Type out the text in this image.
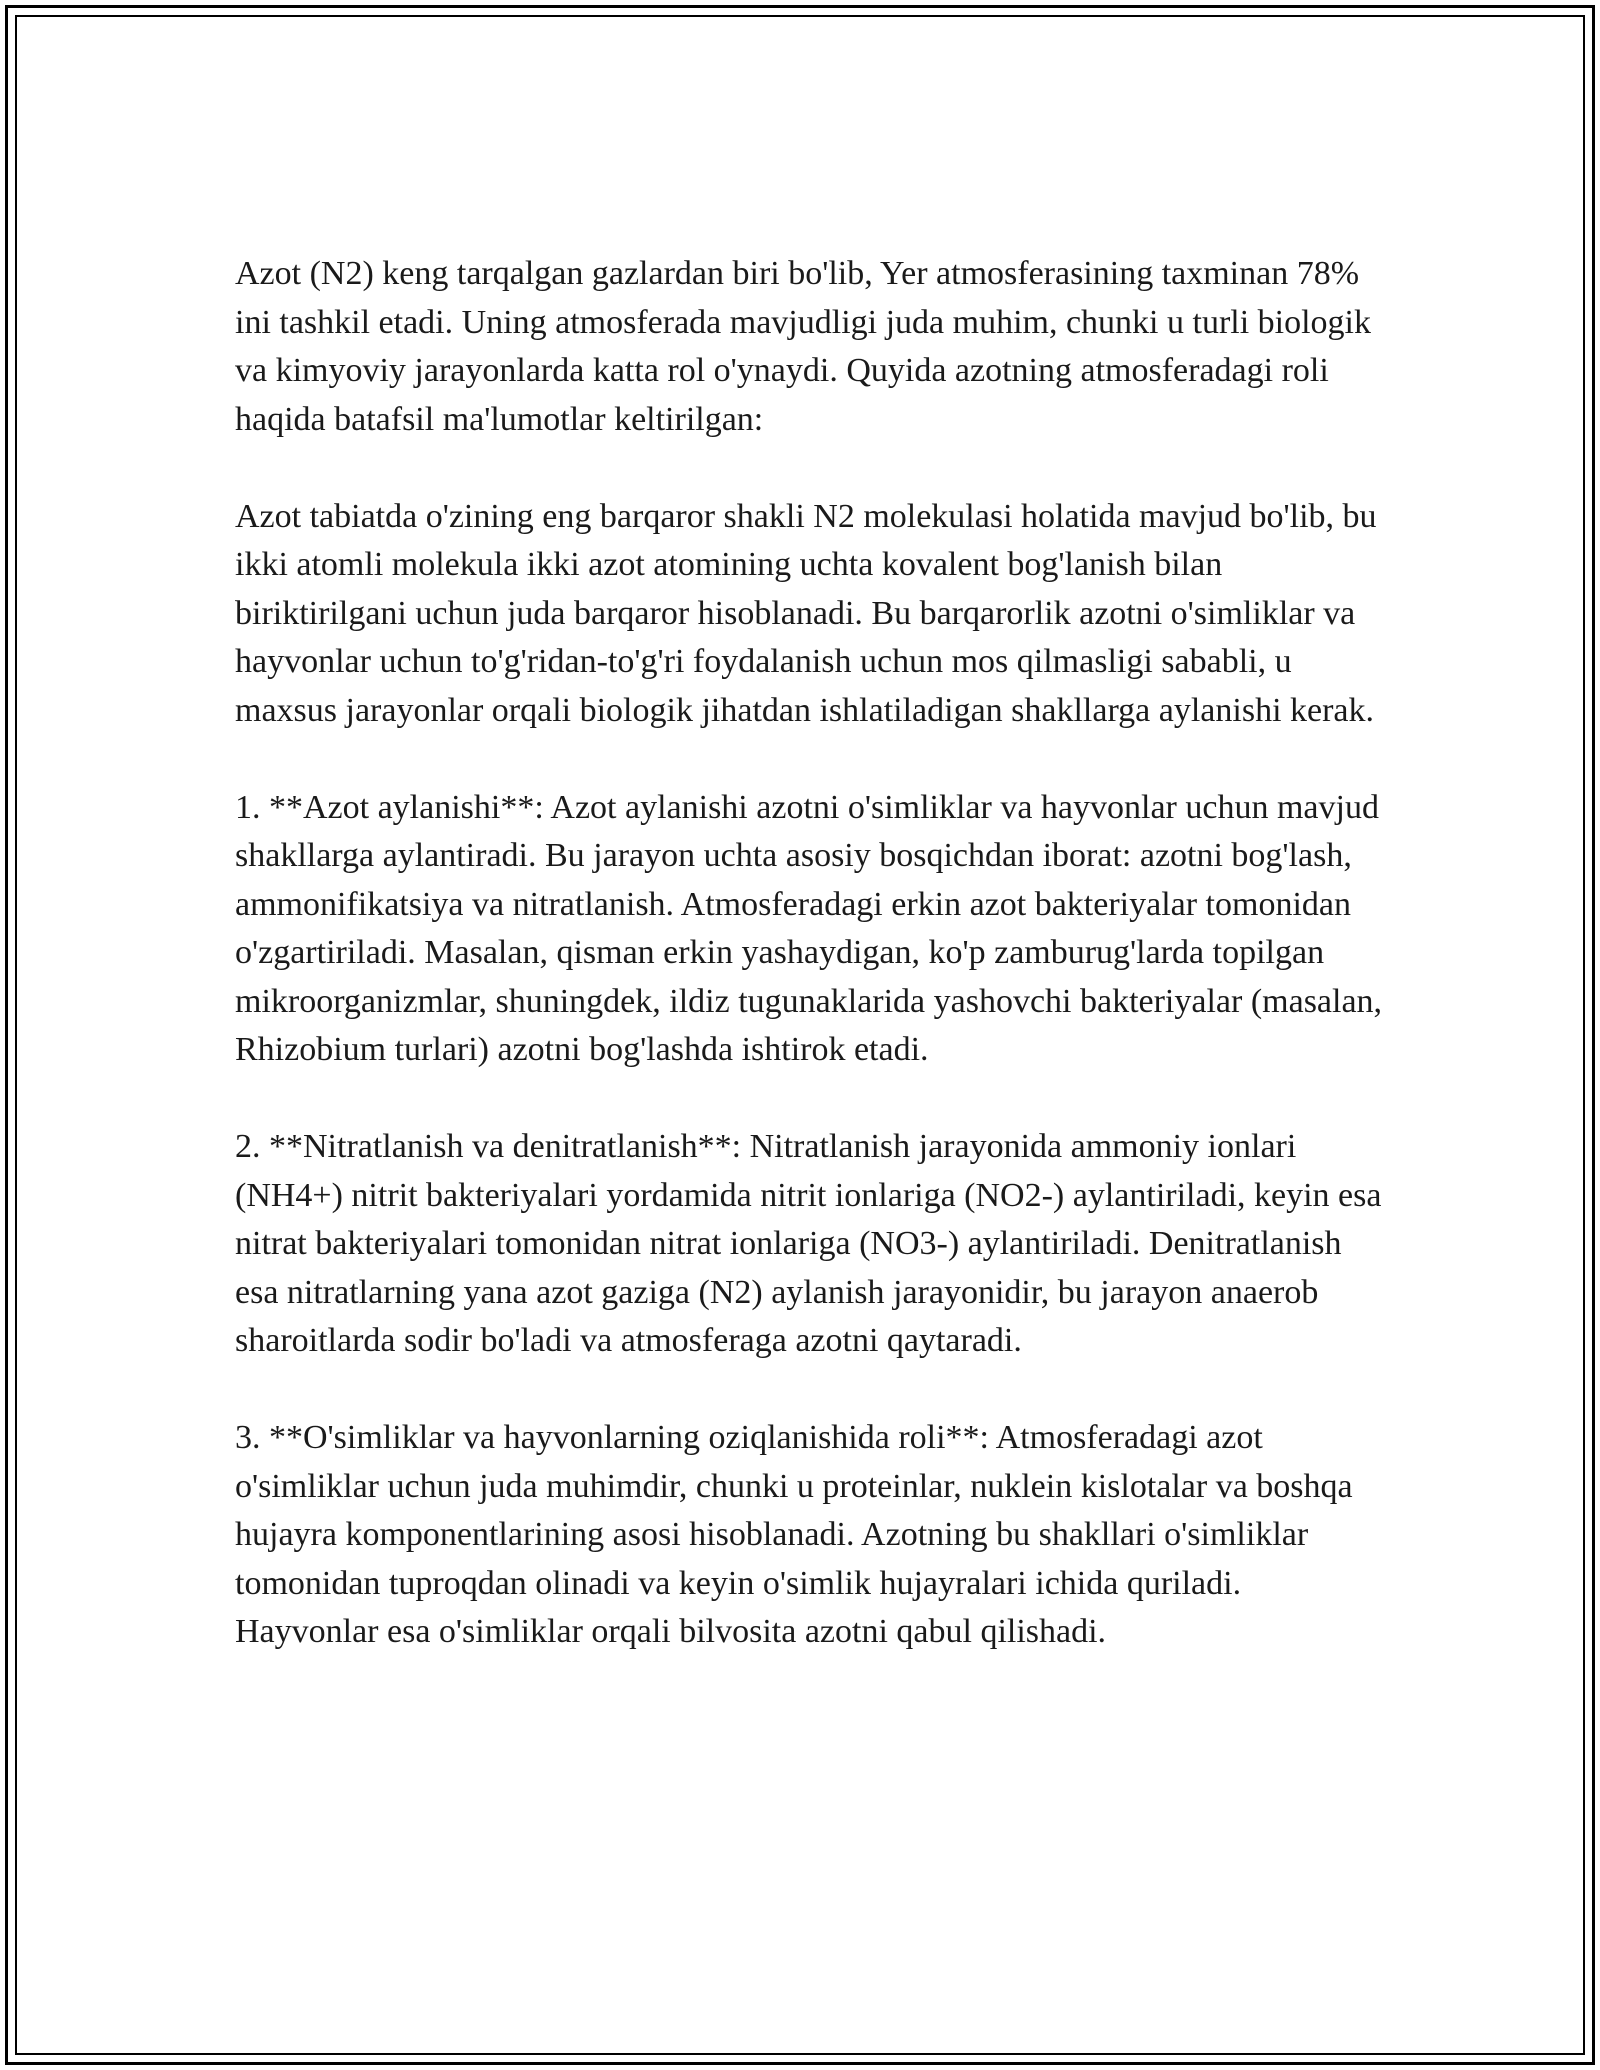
Azot (N2) keng tarqalgan gazlardan biri bo'lib, Yer atmosferasining taxminan 78% ini tashkil etadi. Uning atmosferada mavjudligi juda muhim, chunki u turli biologik va kimyoviy jarayonlarda katta rol o'ynaydi. Quyida azotning atmosferadagi roli haqida batafsil ma'lumotlar keltirilgan:

Azot tabiatda o'zining eng barqaror shakli N2 molekulasi holatida mavjud bo'lib, bu ikki atomli molekula ikki azot atomining uchta kovalent bog'lanish bilan biriktirilgani uchun juda barqaror hisoblanadi. Bu barqarorlik azotni o'simliklar va hayvonlar uchun to'g'ridan-to'g'ri foydalanish uchun mos qilmasligi sababli, u maxsus jarayonlar orqali biologik jihatdan ishlatiladigan shakllarga aylanishi kerak.

1. **Azot aylanishi**: Azot aylanishi azotni o'simliklar va hayvonlar uchun mavjud shakllarga aylantiradi. Bu jarayon uchta asosiy bosqichdan iborat: azotni bog'lash, ammonifikatsiya va nitratlanish. Atmosferadagi erkin azot bakteriyalar tomonidan o'zgartiriladi. Masalan, qisman erkin yashaydigan, ko'p zamburug'larda topilgan mikroorganizmlar, shuningdek, ildiz tugunaklarida yashovchi bakteriyalar (masalan, Rhizobium turlari) azotni bog'lashda ishtirok etadi.

2. **Nitratlanish va denitratlanish**: Nitratlanish jarayonida ammoniy ionlari (NH4+) nitrit bakteriyalari yordamida nitrit ionlariga (NO2-) aylantiriladi, keyin esa nitrat bakteriyalari tomonidan nitrat ionlariga (NO3-) aylantiriladi. Denitratlanish esa nitratlarning yana azot gaziga (N2) aylanish jarayonidir, bu jarayon anaerob sharoitlarda sodir bo'ladi va atmosferaga azotni qaytaradi.

3. **O'simliklar va hayvonlarning oziqlanishida roli**: Atmosferadagi azot o'simliklar uchun juda muhimdir, chunki u proteinlar, nuklein kislotalar va boshqa hujayra komponentlarining asosi hisoblanadi. Azotning bu shakllari o'simliklar tomonidan tuproqdan olinadi va keyin o'simlik hujayralari ichida quriladi. Hayvonlar esa o'simliklar orqali bilvosita azotni qabul qilishadi.
